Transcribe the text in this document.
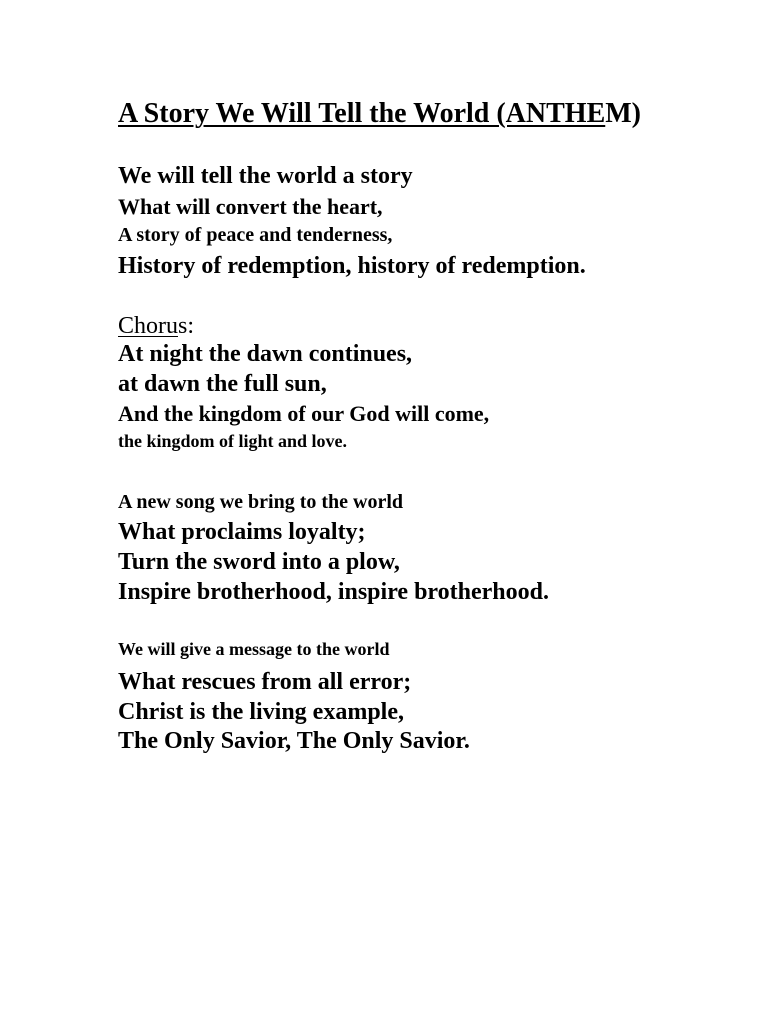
A Story We Will Tell the World (ANTHEM)
We will tell the world a story
What will convert the heart,
A story of peace and tenderness,
History of redemption, history of redemption.
Chorus:
At night the dawn continues,
at dawn the full sun,
And the kingdom of our God will come,
the kingdom of light and love.
A new song we bring to the world
What proclaims loyalty;
Turn the sword into a plow,
Inspire brotherhood, inspire brotherhood.
We will give a message to the world
What rescues from all error;
Christ is the living example,
The Only Savior, The Only Savior.
